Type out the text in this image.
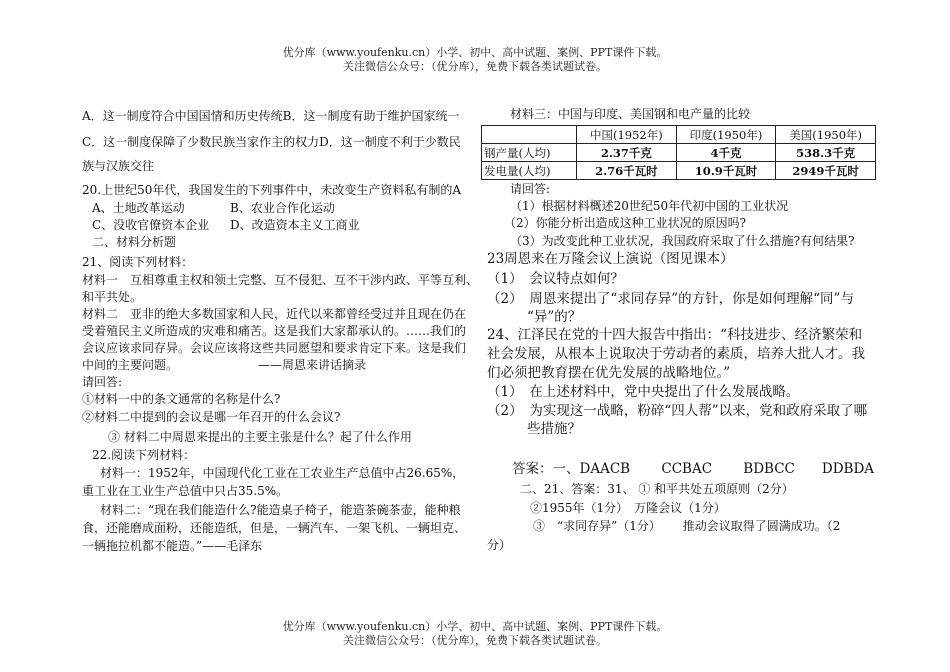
优分库（www.youfenku.cn）小学、初中、高中试题、案例、PPT课件下载。
关注微信公众号：（优分库），免费下载各类试题试卷。
A．这一制度符合中国国情和历史传统B．这一制度有助于维护国家统一
C．这一制度保障了少数民族当家作主的权力D．这一制度不利于少数民
族与汉族交往
20.上世纪50年代，我国发生的下列事件中，未改变生产资料私有制的A
A、土地改革运动	B、农业合作化运动
C、没收官僚资本企业 D、改造资本主义工商业
二、材料分析题
21、阅读下列材料：
材料一　互相尊重主权和领土完整、互不侵犯、互不干涉内政、平等互利、
和平共处。
材料二　亚非的绝大多数国家和人民，近代以来都曾经受过并且现在仍在
受着殖民主义所造成的灾难和痛苦。这是我们大家都承认的。……我们的
会议应该求同存异。会议应该将这些共同愿望和要求肯定下来。这是我们
中间的主要问题。	——周恩来讲话摘录
请回答:
①材料一中的条文通常的名称是什么?
②材料二中提到的会议是哪一年召开的什么会议?
③ 材料二中周恩来提出的主要主张是什么？起了什么作用
22.阅读下列材料：
材料一：1952年，中国现代化工业在工农业生产总值中占26.65%，
重工业在工业生产总值中只占35.5%。
材料二：“现在我们能造什么?能造桌子椅子，能造茶碗茶壶，能种粮
食，还能磨成面粉，还能造纸，但是，一辆汽车、一架飞机、一辆坦克、
一辆拖拉机都不能造。”——毛泽东
材料三：中国与印度、美国钢和电产量的比较
	中国(1952年)	印度(1950年)	美国(1950年)
钢产量(人均)	2.37千克	4千克	538.3千克
发电量(人均)	2.76千瓦时	10.9千瓦时	2949千瓦时
请回答:
（1）根据材料概述20世纪50年代初中国的工业状况
（2）你能分析出造成这种工业状况的原因吗?
（3）为改变此种工业状况，我国政府采取了什么措施?有何结果?
23周恩来在万隆会议上演说（图见课本）
（1）　会议特点如何？
（2）　周恩来提出了“求同存异”的方针，你是如何理解“同”与
“异”的？
24、江泽民在党的十四大报告中指出：“科技进步、经济繁荣和
社会发展，从根本上说取决于劳动者的素质，培养大批人才。我
们必须把教育摆在优先发展的战略地位。”
（1）　在上述材料中，党中央提出了什么发展战略。
（2）　为实现这一战略，粉碎“四人帮”以来，党和政府采取了哪
些措施？
答案：一、DAACB　　 CCBAC　　 BDBCC　　DDBDA
二、21、答案：31、 ① 和平共处五项原则（2分）
②1955年（1分）　万隆会议（1分）
③　“求同存异”（1分）　　 推动会议取得了圆满成功。（2
分）
优分库（www.youfenku.cn）小学、初中、高中试题、案例、PPT课件下载。
关注微信公众号：（优分库），免费下载各类试题试卷。
